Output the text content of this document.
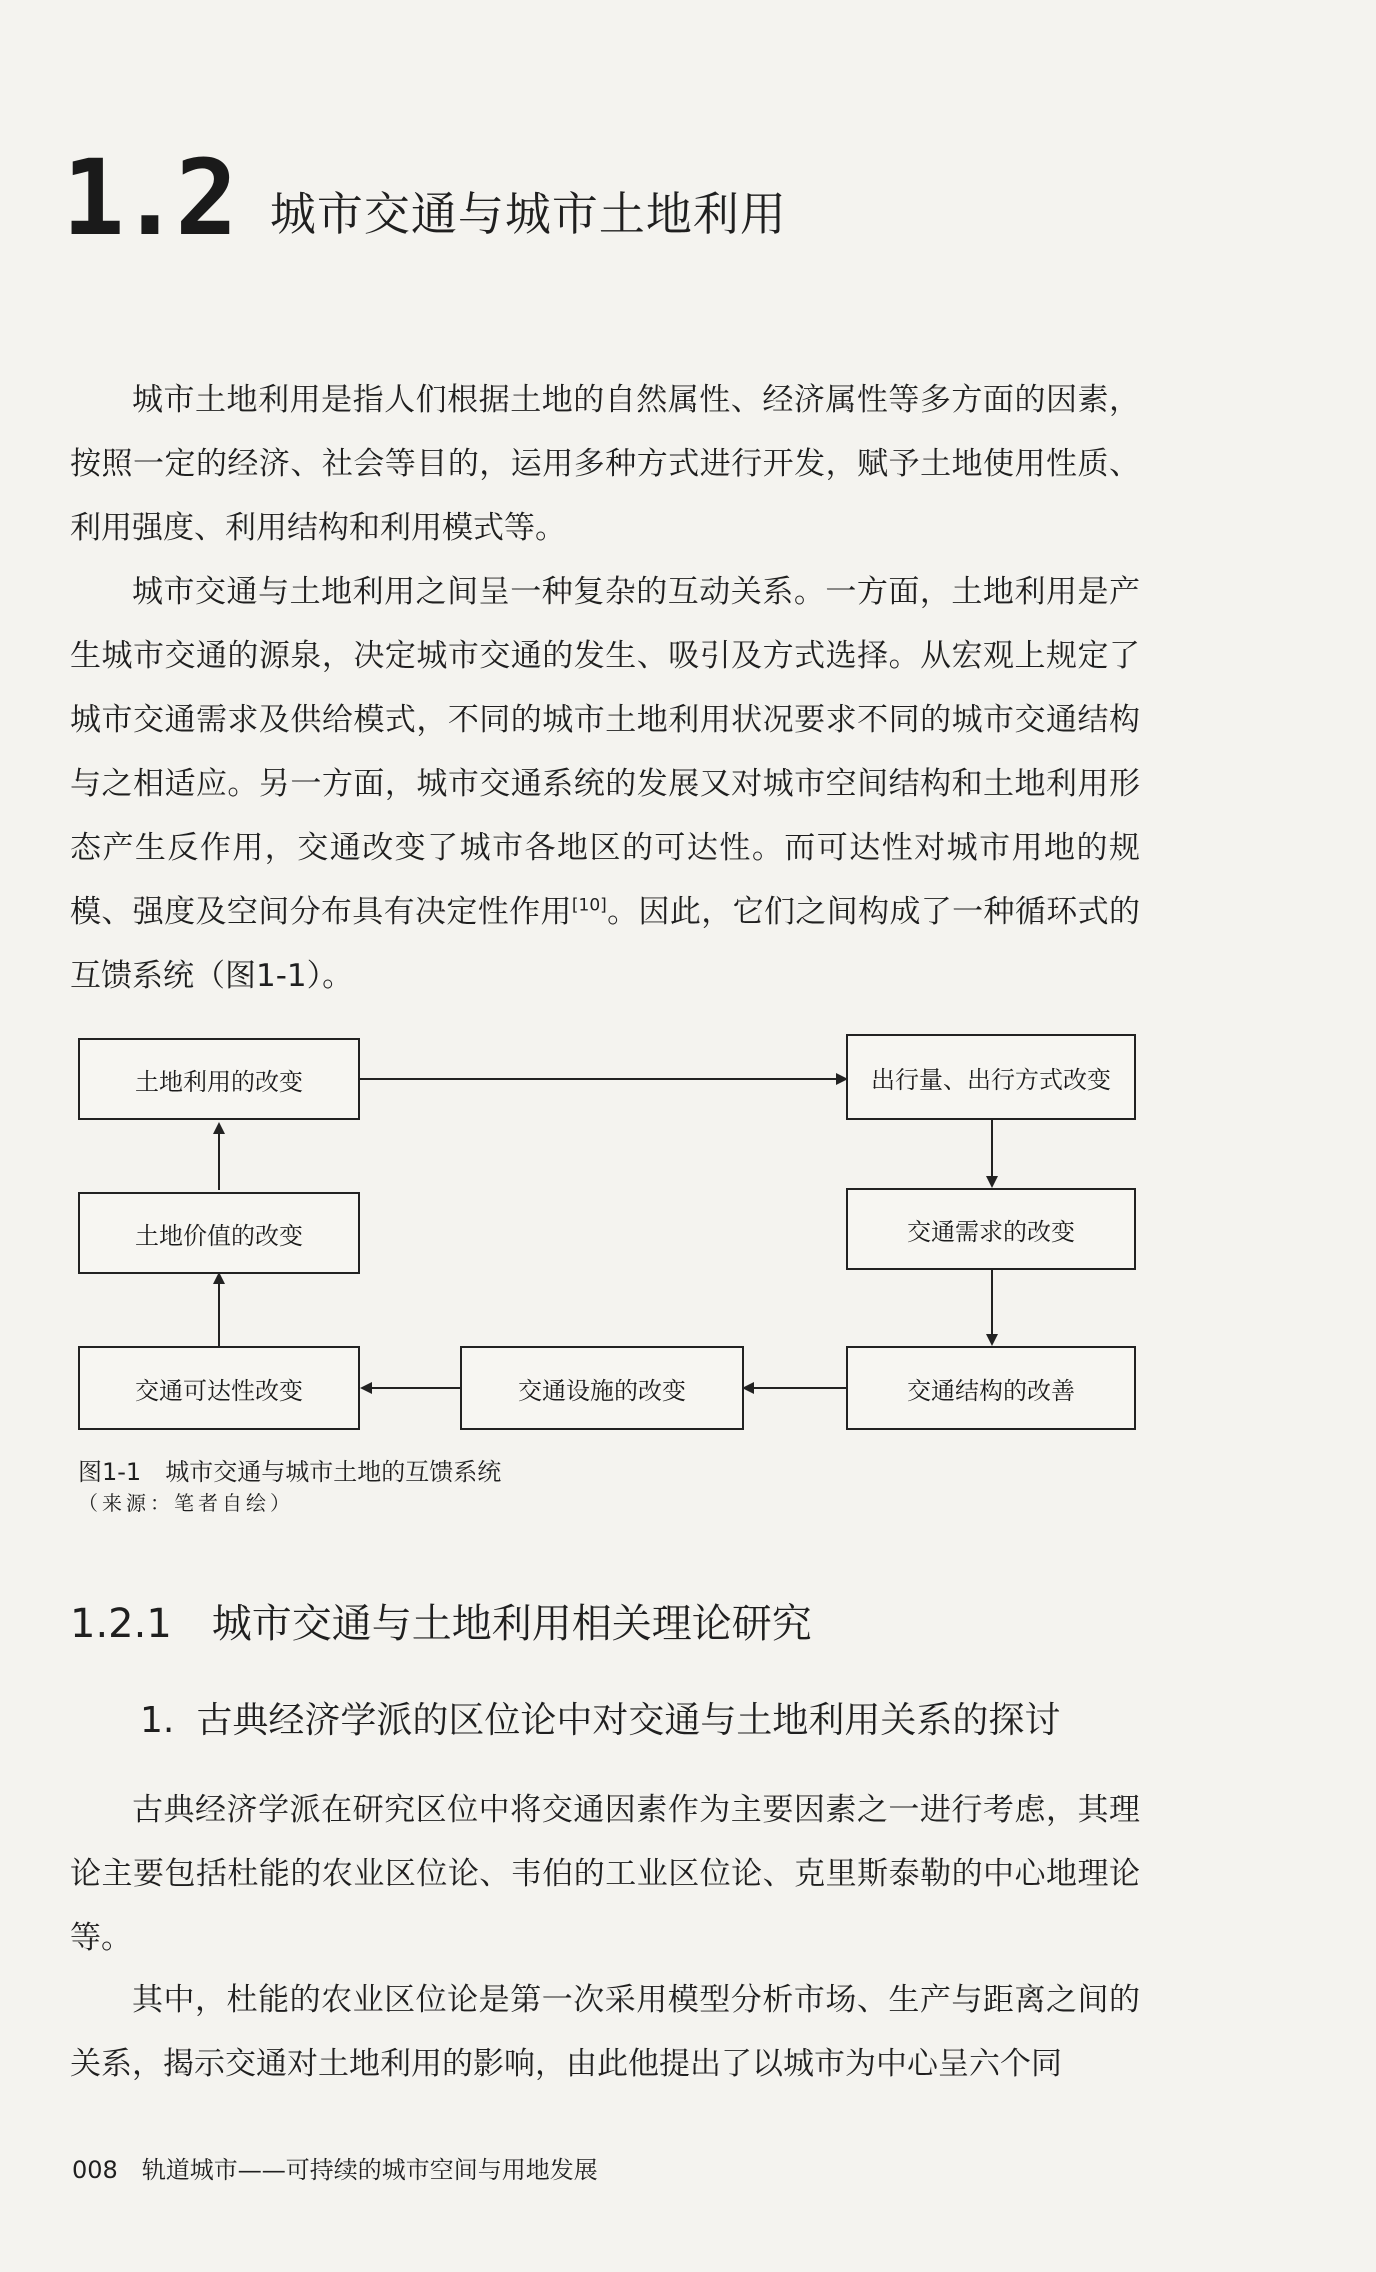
1.2 城市交通与城市土地利用

城市土地利用是指人们根据土地的自然属性、经济属性等多方面的因素，按照一定的经济、社会等目的，运用多种方式进行开发，赋予土地使用性质、利用强度、利用结构和利用模式等。

城市交通与土地利用之间呈一种复杂的互动关系。一方面，土地利用是产生城市交通的源泉，决定城市交通的发生、吸引及方式选择。从宏观上规定了城市交通需求及供给模式，不同的城市土地利用状况要求不同的城市交通结构与之相适应。另一方面，城市交通系统的发展又对城市空间结构和土地利用形态产生反作用，交通改变了城市各地区的可达性。而可达性对城市用地的规模、强度及空间分布具有决定性作用[10]。因此，它们之间构成了一种循环式的互馈系统（图1-1）。

土地利用的改变	出行量、出行方式改变
土地价值的改变	交通需求的改变
交通可达性改变	交通设施的改变	交通结构的改善
图1-1　城市交通与城市土地的互馈系统
（来源：笔者自绘）
1.2.1 城市交通与土地利用相关理论研究
1. 古典经济学派的区位论中对交通与土地利用关系的探讨

古典经济学派在研究区位中将交通因素作为主要因素之一进行考虑，其理论主要包括杜能的农业区位论、韦伯的工业区位论、克里斯泰勒的中心地理论等。

其中，杜能的农业区位论是第一次采用模型分析市场、生产与距离之间的关系，揭示交通对土地利用的影响，由此他提出了以城市为中心呈六个同

008 轨道城市——可持续的城市空间与用地发展
